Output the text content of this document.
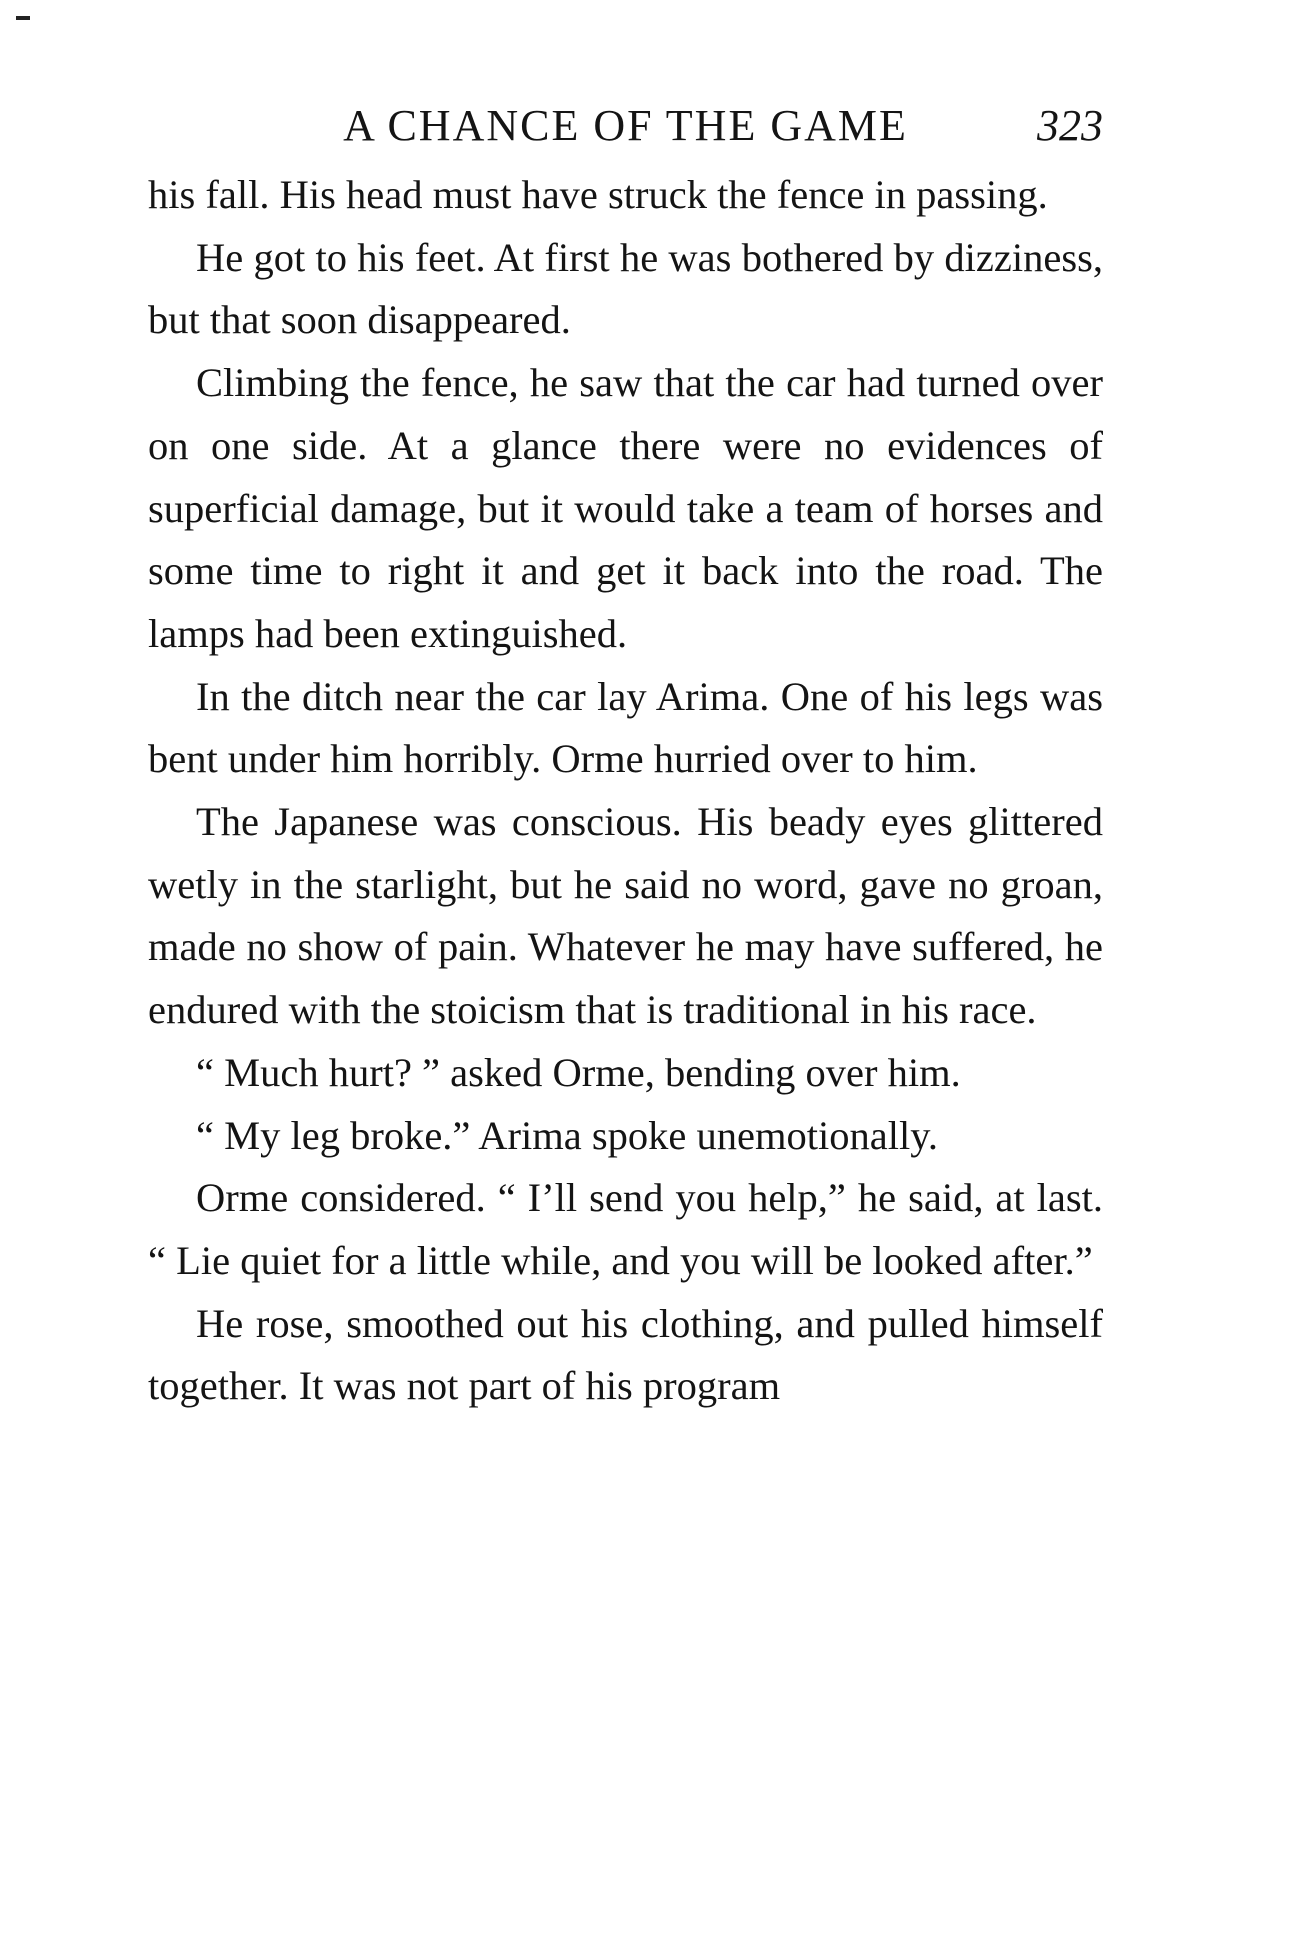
A CHANCE OF THE GAME	323

his fall. His head must have struck the fence in passing.

He got to his feet. At first he was bothered by dizziness, but that soon disappeared.

Climbing the fence, he saw that the car had turned over on one side. At a glance there were no evidences of superficial damage, but it would take a team of horses and some time to right it and get it back into the road. The lamps had been extinguished.

In the ditch near the car lay Arima. One of his legs was bent under him horribly. Orme hurried over to him.

The Japanese was conscious. His beady eyes glittered wetly in the starlight, but he said no word, gave no groan, made no show of pain. Whatever he may have suffered, he endured with the stoicism that is traditional in his race.

“ Much hurt? ” asked Orme, bending over him.

“ My leg broke.” Arima spoke unemotionally.

Orme considered. “ I’ll send you help,” he said, at last. “ Lie quiet for a little while, and you will be looked after.”

He rose, smoothed out his clothing, and pulled himself together. It was not part of his program
